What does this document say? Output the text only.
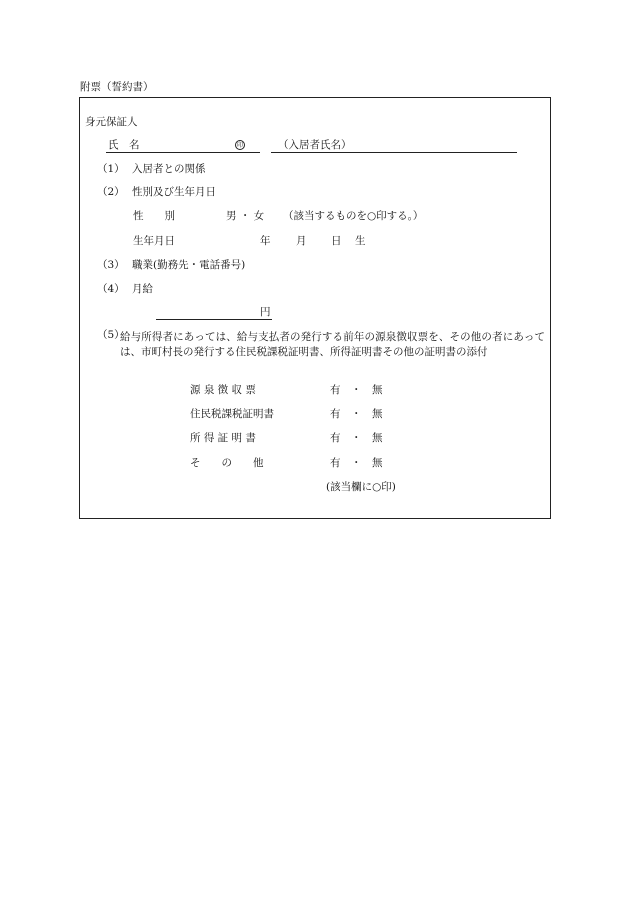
附票（誓約書）
身元保証人
氏　名	印	（入居者氏名）
（1） 入居者との関係
（2） 性別及び生年月日
性　　別	男 ・ 女 （該当するものを○印する。）
生年月日	年 月 日 生
（3） 職業(勤務先・電話番号)
（4） 月給
円
（5）
給与所得者にあっては、給与支払者の発行する前年の源泉徴収票を、その他の者にあっては、市町村長の発行する住民税課税証明書、所得証明書その他の証明書の添付
源 泉 徴 収 票	有　・　無
住民税課税証明書	有　・　無
所 得 証 明 書	有　・　無
そ　　の　　他	有　・　無
(該当欄に○印)
